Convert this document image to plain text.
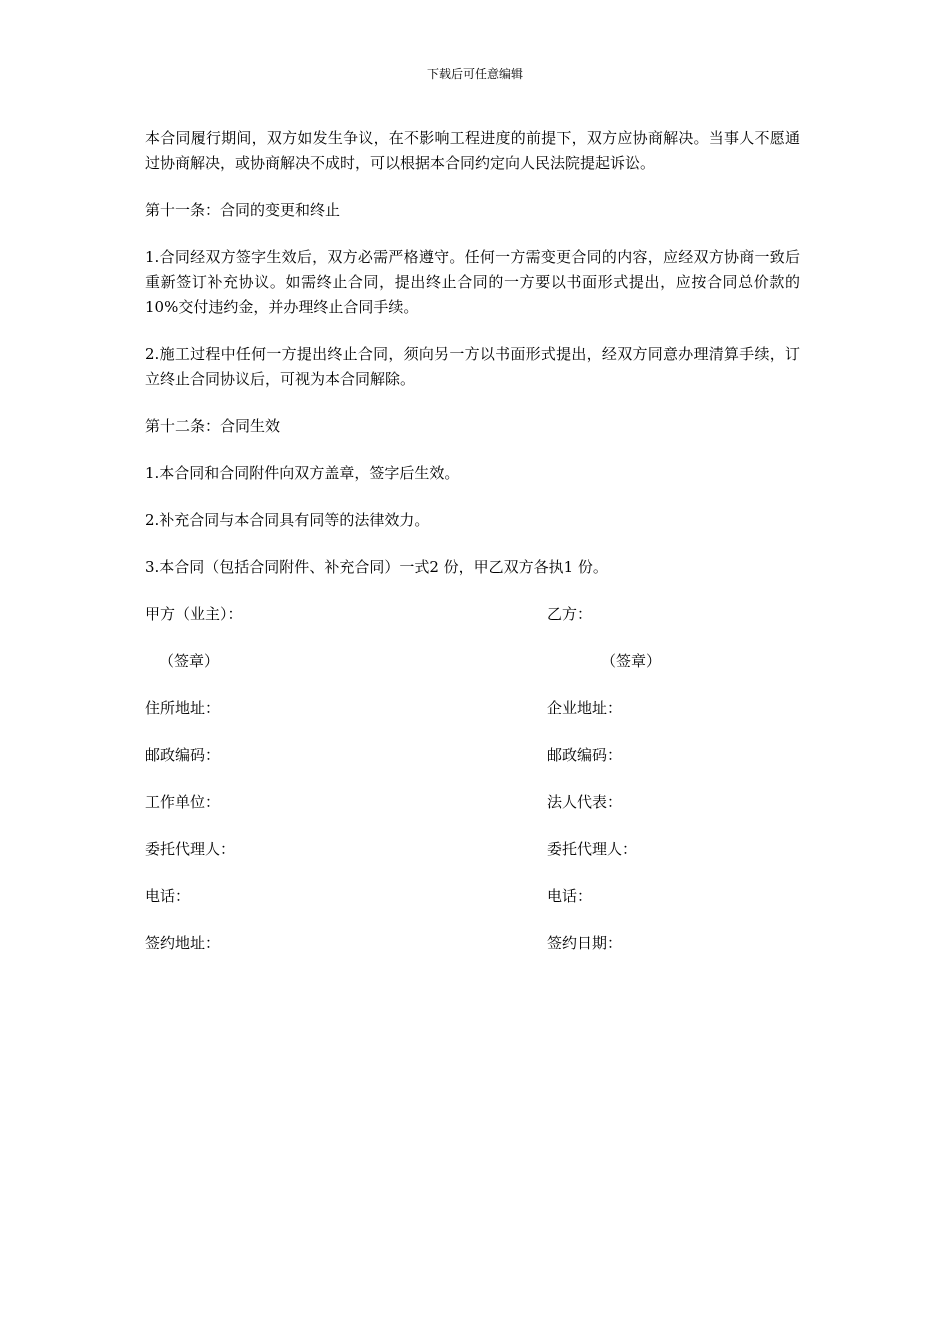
下载后可任意编辑

本合同履行期间，双方如发生争议，在不影响工程进度的前提下，双方应协商解决。当事人不愿通过协商解决，或协商解决不成时，可以根据本合同约定向人民法院提起诉讼。

第十一条：合同的变更和终止

1.合同经双方签字生效后，双方必需严格遵守。任何一方需变更合同的内容，应经双方协商一致后重新签订补充协议。如需终止合同，提出终止合同的一方要以书面形式提出，应按合同总价款的10%交付违约金，并办理终止合同手续。

2.施工过程中任何一方提出终止合同，须向另一方以书面形式提出，经双方同意办理清算手续，订立终止合同协议后，可视为本合同解除。

第十二条：合同生效

1.本合同和合同附件向双方盖章，签字后生效。

2.补充合同与本合同具有同等的法律效力。

3.本合同（包括合同附件、补充合同）一式2 份，甲乙双方各执1 份。

甲方（业主）：	乙方：
（签章）	（签章）
住所地址：	企业地址：
邮政编码：	邮政编码：
工作单位：	法人代表：
委托代理人：	委托代理人：
电话：	电话：
签约地址：	签约日期：
